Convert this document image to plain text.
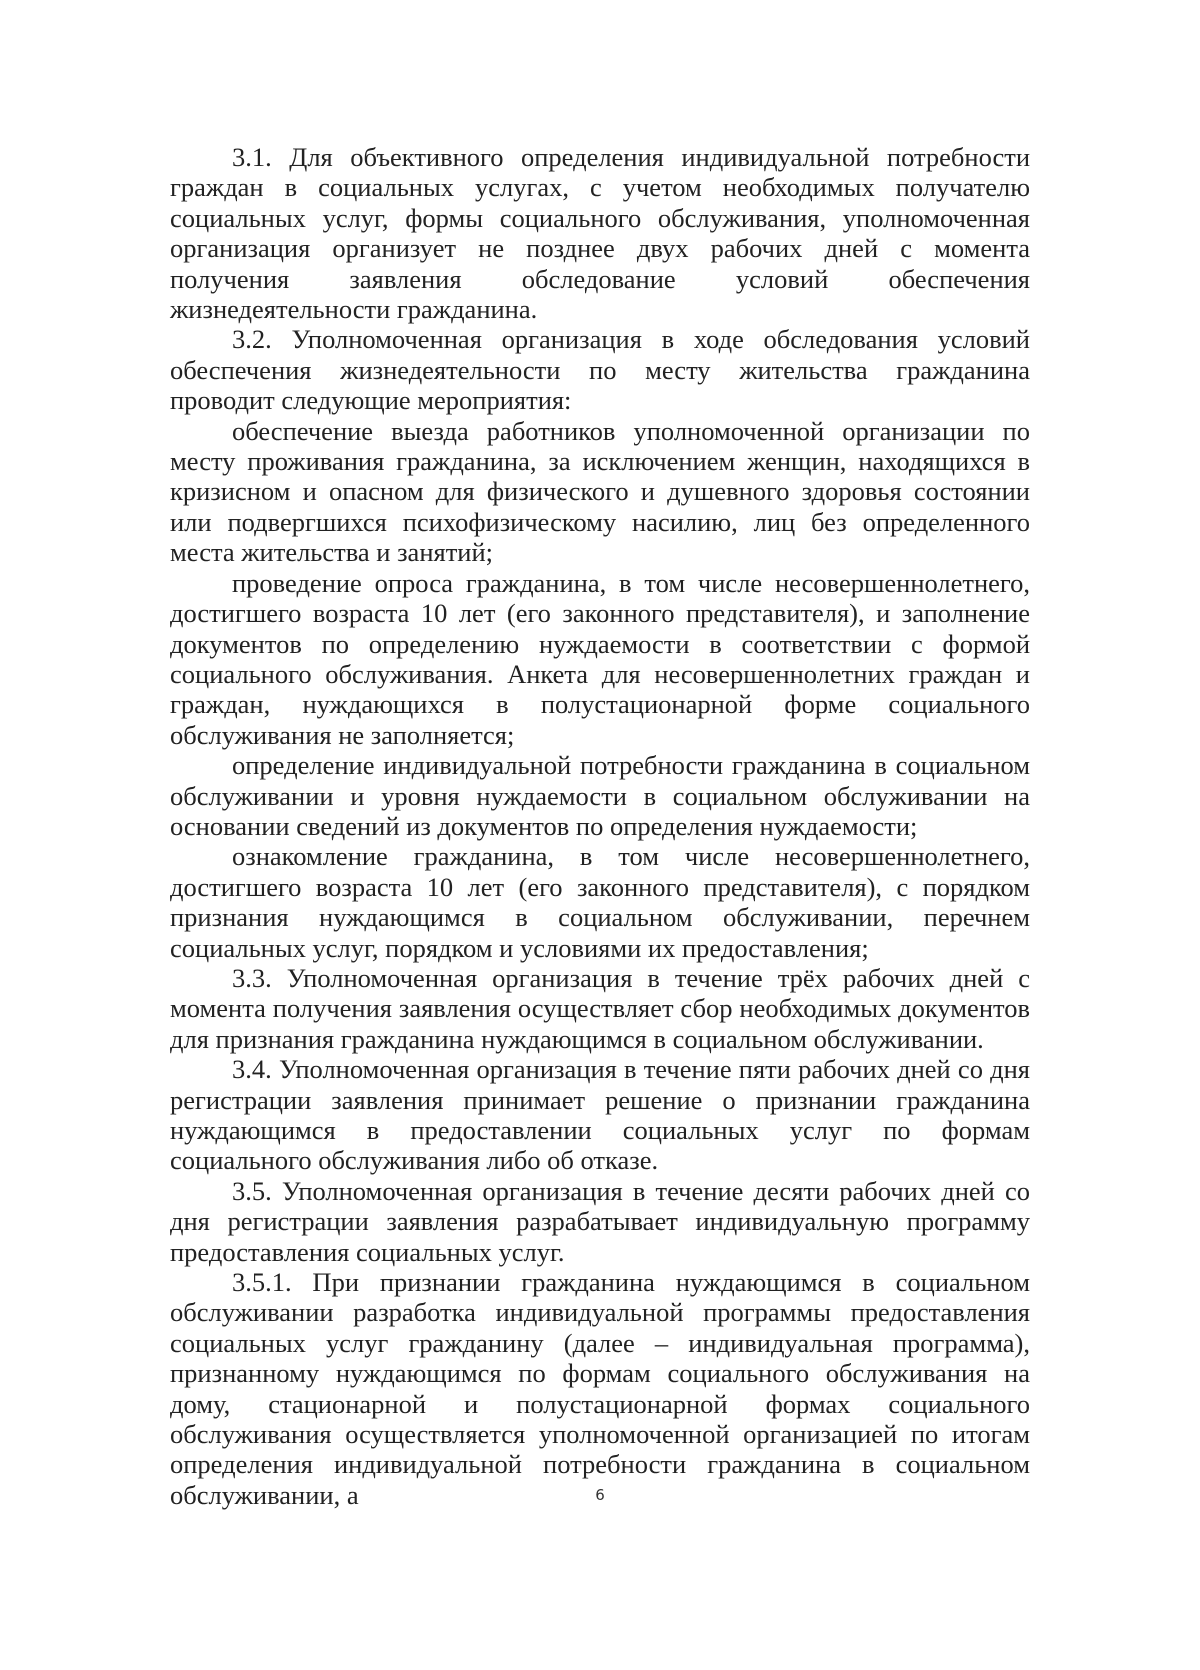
3.1. Для объективного определения индивидуальной потребности граждан в социальных услугах, с учетом необходимых получателю социальных услуг, формы социального обслуживания, уполномоченная организация организует не позднее двух рабочих дней с момента получения заявления обследование условий обеспечения жизнедеятельности гражданина.

3.2. Уполномоченная организация в ходе обследования условий обеспечения жизнедеятельности по месту жительства гражданина проводит следующие мероприятия:

обеспечение выезда работников уполномоченной организации по месту проживания гражданина, за исключением женщин, находящихся в кризисном и опасном для физического и душевного здоровья состоянии или подвергшихся психофизическому насилию, лиц без определенного места жительства и занятий;

проведение опроса гражданина, в том числе несовершеннолетнего, достигшего возраста 10 лет (его законного представителя), и заполнение документов по определению нуждаемости в соответствии с формой социального обслуживания. Анкета для несовершеннолетних граждан и граждан, нуждающихся в полустационарной форме социального обслуживания не заполняется;

определение индивидуальной потребности гражданина в социальном обслуживании и уровня нуждаемости в социальном обслуживании на основании сведений из документов по определения нуждаемости;

ознакомление гражданина, в том числе несовершеннолетнего, достигшего возраста 10 лет (его законного представителя), с порядком признания нуждающимся в социальном обслуживании, перечнем социальных услуг, порядком и условиями их предоставления;

3.3. Уполномоченная организация в течение трёх рабочих дней с момента получения заявления осуществляет сбор необходимых документов для признания гражданина нуждающимся в социальном обслуживании.

3.4. Уполномоченная организация в течение пяти рабочих дней со дня регистрации заявления принимает решение о признании гражданина нуждающимся в предоставлении социальных услуг по формам социального обслуживания либо об отказе.

3.5. Уполномоченная организация в течение десяти рабочих дней со дня регистрации заявления разрабатывает индивидуальную программу предоставления социальных услуг.

3.5.1. При признании гражданина нуждающимся в социальном обслуживании разработка индивидуальной программы предоставления социальных услуг гражданину (далее – индивидуальная программа), признанному нуждающимся по формам социального обслуживания на дому, стационарной и полустационарной формах социального обслуживания осуществляется уполномоченной организацией по итогам определения индивидуальной потребности гражданина в социальном обслуживании, а	6
